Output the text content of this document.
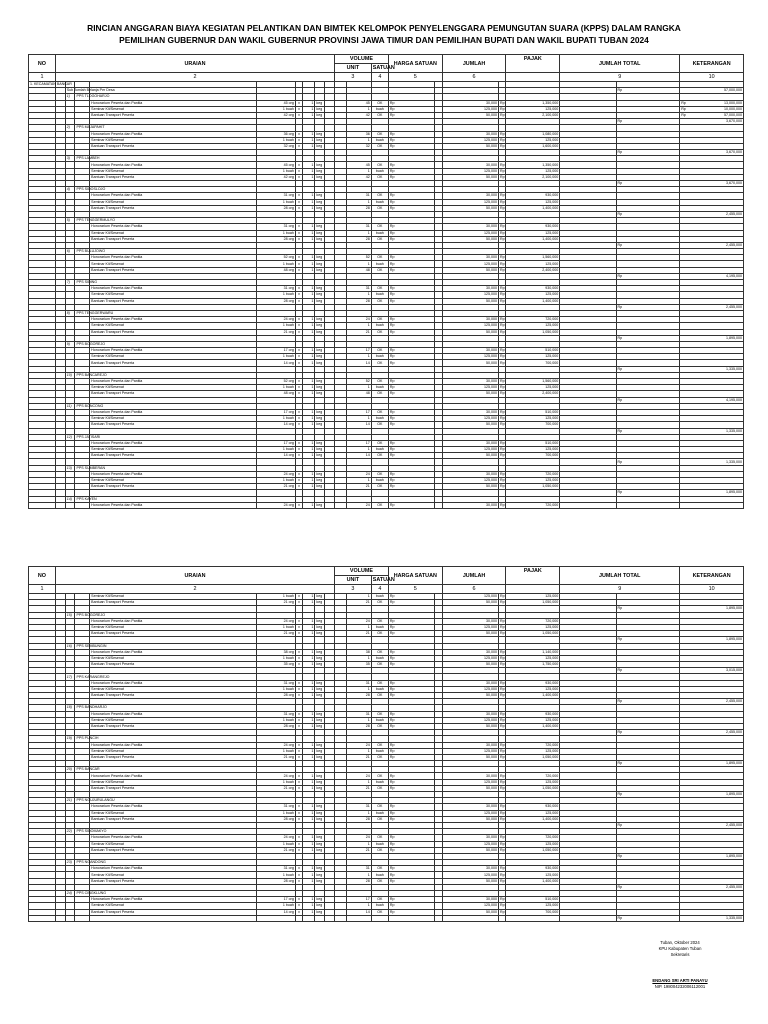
RINCIAN ANGGARAN BIAYA KEGIATAN PELANTIKAN DAN BIMTEK KELOMPOK PENYELENGGARA PEMUNGUTAN SUARA (KPPS) DALAM RANGKA
PEMILIHAN GUBERNUR DAN WAKIL GUBERNUR PROVINSI JAWA TIMUR DAN PEMILIHAN BUPATI DAN WAKIL BUPATI TUBAN 2024
NO	URAIAN									VOLUME			HARGA SATUAN		JUMLAH		PAJAK	JUMLAH TOTAL		KETERANGAN
										UNIT		SATUAN								
1	2									3		4	5		6			9		10
1. KECAMATAN BANCAR																				
		Sub Jumlah Belanja Per Desa																	Rp	57,000,000
		1)	PPS TLOGOHARJO																	
				Honorarium Peserta dan Panitia	45 org	x	1	keg			45	OK	Rp		30,000	Rp	1,350,000			Rp 13,000,000

				Seminar Kit/Sesenat	1 buah	x	1	keg			1	buah	Rp		125,000	Rp	125,000			Rp 10,000,000

				Bantuan Transport Peserta	42 org	x	1	keg			42	OK	Rp		50,000	Rp	2,100,000			Rp 57,000,000

																			Rp	3,670,000
		2)	PPS MAJAPAHIT																	
				Honorarium Peserta dan Panitia	36 org	x	1	keg			36	OK	Rp		30,000	Rp	1,080,000			
				Seminar Kit/Sesenat	1 buah	x	1	keg			1	buah	Rp		125,000	Rp	125,000			
				Bantuan Transport Peserta	32 org	x	1	keg			32	OK	Rp		50,000	Rp	1,600,000			
																			Rp	3,670,000
		3)	PPS LAMBEH																	
				Honorarium Peserta dan Panitia	45 org	x	1	keg			45	OK	Rp		30,000	Rp	1,350,000			
				Seminar Kit/Sesenat	1 buah	x	1	keg			1	buah	Rp		125,000	Rp	125,000			
				Bantuan Transport Peserta	42 org	x	1	keg			42	OK	Rp		50,000	Rp	2,100,000			
																			Rp	3,670,000
		4)	PPS SIDOSLOJO																	
				Honorarium Peserta dan Panitia	31 org	x	1	keg			31	OK	Rp		30,000	Rp	930,000			
				Seminar Kit/Sesenat	1 buah	x	1	keg			1	buah	Rp		125,000	Rp	125,000			
				Bantuan Transport Peserta	28 org	x	1	keg			28	OK	Rp		50,000	Rp	1,400,000			
																			Rp	2,455,000
		5)	PPS TENGGERMULYO																	
				Honorarium Peserta dan Panitia	31 org	x	1	keg			31	OK	Rp		30,000	Rp	930,000			
				Seminar Kit/Sesenat	1 buah	x	1	keg			1	buah	Rp		125,000	Rp	125,000			
				Bantuan Transport Peserta	28 org	x	1	keg			28	OK	Rp		50,000	Rp	1,400,000			
																			Rp	2,455,000
		6)	PPS BULUJOWO																	
				Honorarium Peserta dan Panitia	52 org	x	1	keg			52	OK	Rp		30,000	Rp	1,560,000			
				Seminar Kit/Sesenat	1 buah	x	1	keg			1	buah	Rp		125,000	Rp	125,000			
				Bantuan Transport Peserta	48 org	x	1	keg			48	OK	Rp		50,000	Rp	2,400,000			
																			Rp	4,195,000
		7)	PPS SIDING																	
				Honorarium Peserta dan Panitia	31 org	x	1	keg			31	OK	Rp		30,000	Rp	930,000			
				Seminar Kit/Sesenat	1 buah	x	1	keg			1	buah	Rp		125,000	Rp	125,000			
				Bantuan Transport Peserta	28 org	x	1	keg			28	OK	Rp		50,000	Rp	1,400,000			
																			Rp	2,455,000
		8)	PPS TENGGERWARU																	
				Honorarium Peserta dan Panitia	24 org	x	1	keg			24	OK	Rp		30,000	Rp	720,000			
				Seminar Kit/Sesenat	1 buah	x	1	keg			1	buah	Rp		125,000	Rp	125,000			
				Bantuan Transport Peserta	21 org	x	1	keg			21	OK	Rp		50,000	Rp	1,050,000			
																			Rp	1,895,000
		9)	PPS BOGOREJO																	
				Honorarium Peserta dan Panitia	17 org	x	1	keg			17	OK	Rp		30,000	Rp	510,000			
				Seminar Kit/Sesenat	1 buah	x	1	keg			1	buah	Rp		125,000	Rp	125,000			
				Bantuan Transport Peserta	14 org	x	1	keg			14	OK	Rp		50,000	Rp	700,000			
																			Rp	1,335,000
		10)	PPS BANCAREJO																	
				Honorarium Peserta dan Panitia	52 org	x	1	keg			52	OK	Rp		30,000	Rp	1,560,000			
				Seminar Kit/Sesenat	1 buah	x	1	keg			1	buah	Rp		125,000	Rp	125,000			
				Bantuan Transport Peserta	48 org	x	1	keg			48	OK	Rp		50,000	Rp	2,400,000			
																			Rp	4,195,000
		11)	PPS BONCONG																	
				Honorarium Peserta dan Panitia	17 org	x	1	keg			17	OK	Rp		30,000	Rp	510,000			
				Seminar Kit/Sesenat	1 buah	x	1	keg			1	buah	Rp		125,000	Rp	125,000			
				Bantuan Transport Peserta	14 org	x	1	keg			14	OK	Rp		50,000	Rp	700,000			
																			Rp	1,335,000
		12)	PPS JATISARI																	
				Honorarium Peserta dan Panitia	17 org	x	1	keg			17	OK	Rp		30,000	Rp	510,000			
				Seminar Kit/Sesenat	1 buah	x	1	keg			1	buah	Rp		125,000	Rp	125,000			
				Bantuan Transport Peserta	14 org	x	1	keg			14	OK	Rp		50,000	Rp	700,000			
																			Rp	1,335,000
		13)	PPS SUMBERAN																	
				Honorarium Peserta dan Panitia	24 org	x	1	keg			24	OK	Rp		30,000	Rp	720,000			
				Seminar Kit/Sesenat	1 buah	x	1	keg			1	buah	Rp		125,000	Rp	125,000			
				Bantuan Transport Peserta	21 org	x	1	keg			21	OK	Rp		50,000	Rp	1,050,000			
																			Rp	1,895,000
		14)	PPS KAYEN																	
				Honorarium Peserta dan Panitia	24 org	x	1	keg			24	OK	Rp		30,000	Rp	720,000			
NO	URAIAN									VOLUME			HARGA SATUAN		JUMLAH		PAJAK	JUMLAH TOTAL		KETERANGAN
										UNIT		SATUAN								
1	2									3		4	5		6			9		10
				Seminar Kit/Sesenat	1 buah	x	1	keg			1	buah	Rp		125,000	Rp	125,000			
				Bantuan Transport Peserta	21 org	x	1	keg			21	OK	Rp		50,000	Rp	1,050,000			
																			Rp	1,895,000
		15)	PPS BOGOREJO																	
				Honorarium Peserta dan Panitia	24 org	x	1	keg			24	OK	Rp		30,000	Rp	720,000			
				Seminar Kit/Sesenat	1 buah	x	1	keg			1	buah	Rp		125,000	Rp	125,000			
				Bantuan Transport Peserta	21 org	x	1	keg			21	OK	Rp		50,000	Rp	1,050,000			
																			Rp	1,895,000
		16)	PPS SEMBUNGIN																	
				Honorarium Peserta dan Panitia	38 org	x	1	keg			38	OK	Rp		30,000	Rp	1,140,000			
				Seminar Kit/Sesenat	1 buah	x	1	keg			1	buah	Rp		125,000	Rp	125,000			
				Bantuan Transport Peserta	35 org	x	1	keg			35	OK	Rp		50,000	Rp	1,750,000			
																			Rp	3,015,000
		17)	PPS KARANGREJO																	
				Honorarium Peserta dan Panitia	31 org	x	1	keg			31	OK	Rp		30,000	Rp	930,000			
				Seminar Kit/Sesenat	1 buah	x	1	keg			1	buah	Rp		125,000	Rp	125,000			
				Bantuan Transport Peserta	28 org	x	1	keg			28	OK	Rp		50,000	Rp	1,400,000			
																			Rp	2,455,000
		18)	PPS BANDHARJO																	
				Honorarium Peserta dan Panitia	31 org	x	1	keg			31	OK	Rp		30,000	Rp	930,000			
				Seminar Kit/Sesenat	1 buah	x	1	keg			1	buah	Rp		125,000	Rp	125,000			
				Bantuan Transport Peserta	28 org	x	1	keg			28	OK	Rp		50,000	Rp	1,400,000			
																			Rp	2,455,000
		19)	PPS PUNCIH																	
				Honorarium Peserta dan Panitia	24 org	x	1	keg			24	OK	Rp		30,000	Rp	720,000			
				Seminar Kit/Sesenat	1 buah	x	1	keg			1	buah	Rp		125,000	Rp	125,000			
				Bantuan Transport Peserta	21 org	x	1	keg			21	OK	Rp		50,000	Rp	1,050,000			
																			Rp	1,895,000
		20)	PPS BANCAR																	
				Honorarium Peserta dan Panitia	24 org	x	1	keg			24	OK	Rp		30,000	Rp	720,000			
				Seminar Kit/Sesenat	1 buah	x	1	keg			1	buah	Rp		125,000	Rp	125,000			
				Bantuan Transport Peserta	21 org	x	1	keg			21	OK	Rp		50,000	Rp	1,050,000			
																			Rp	1,895,000
		21)	PPS NGUJURULANGU																	
				Honorarium Peserta dan Panitia	31 org	x	1	keg			31	OK	Rp		30,000	Rp	930,000			
				Seminar Kit/Sesenat	1 buah	x	1	keg			1	buah	Rp		125,000	Rp	125,000			
				Bantuan Transport Peserta	28 org	x	1	keg			28	OK	Rp		50,000	Rp	1,400,000			
																			Rp	2,455,000
		22)	PPS SIDOMAKYO																	
				Honorarium Peserta dan Panitia	24 org	x	1	keg			24	OK	Rp		30,000	Rp	720,000			
				Seminar Kit/Sesenat	1 buah	x	1	keg			1	buah	Rp		125,000	Rp	125,000			
				Bantuan Transport Peserta	21 org	x	1	keg			21	OK	Rp		50,000	Rp	1,050,000			
																			Rp	1,895,000
		23)	PPS NGANDONG																	
				Honorarium Peserta dan Panitia	31 org	x	1	keg			31	OK	Rp		30,000	Rp	930,000			
				Seminar Kit/Sesenat	1 buah	x	1	keg			1	buah	Rp		125,000	Rp	125,000			
				Bantuan Transport Peserta	28 org	x	1	keg			28	OK	Rp		50,000	Rp	1,400,000			
																			Rp	2,455,000
		24)	PPS CINGKLUNG																	
				Honorarium Peserta dan Panitia	17 org	x	1	keg			17	OK	Rp		30,000	Rp	510,000			
				Seminar Kit/Sesenat	1 buah	x	1	keg			1	buah	Rp		125,000	Rp	125,000			
				Bantuan Transport Peserta	14 org	x	1	keg			14	OK	Rp		50,000	Rp	700,000			
																			Rp	1,335,000
Tuban, Oktober 2024
KPU Kabupaten Tuban
Sekretaris
ENDANG SRI ARTI PANAYU
NIP. 198004232006112001
